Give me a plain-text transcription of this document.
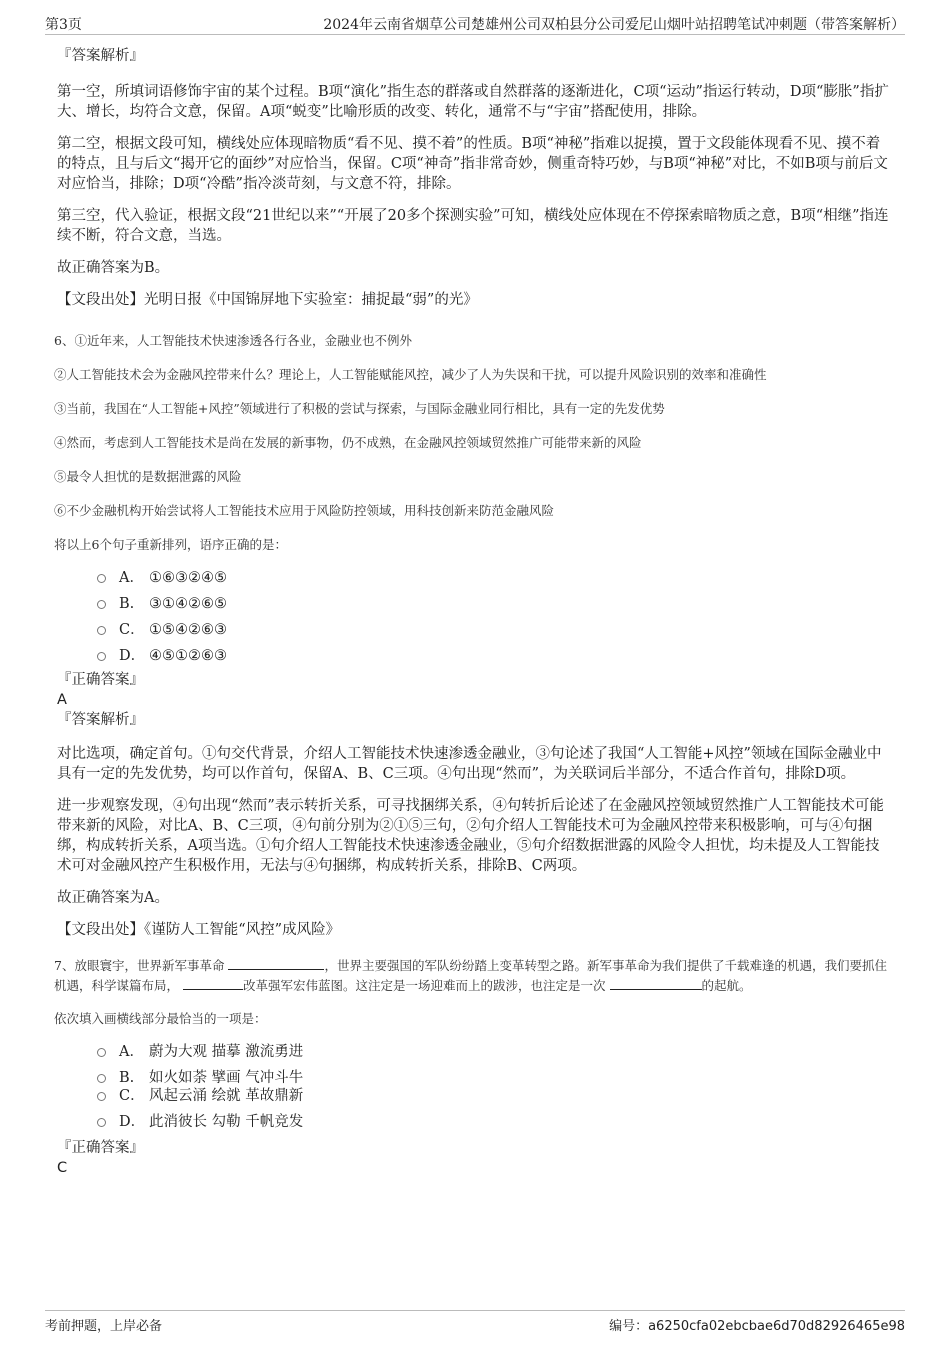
第3页	2024年云南省烟草公司楚雄州公司双柏县分公司爱尼山烟叶站招聘笔试冲刺题（带答案解析）

『答案解析』

第一空，所填词语修饰宇宙的某个过程。B项“演化”指生态的群落或自然群落的逐渐进化，C项“运动”指运行转动，D项“膨胀”指扩大、增长，均符合文意，保留。A项“蜕变”比喻形质的改变、转化，通常不与“宇宙”搭配使用，排除。

第二空，根据文段可知，横线处应体现暗物质“看不见、摸不着”的性质。B项“神秘”指难以捉摸，置于文段能体现看不见、摸不着的特点，且与后文“揭开它的面纱”对应恰当，保留。C项“神奇”指非常奇妙，侧重奇特巧妙，与B项“神秘”对比，不如B项与前后文对应恰当，排除；D项“冷酷”指冷淡苛刻，与文意不符，排除。

第三空，代入验证，根据文段“21世纪以来”“开展了20多个探测实验”可知，横线处应体现在不停探索暗物质之意，B项“相继”指连续不断，符合文意，当选。

故正确答案为B。

【文段出处】光明日报《中国锦屏地下实验室：捕捉最“弱”的光》

6、①近年来，人工智能技术快速渗透各行各业，金融业也不例外

②人工智能技术会为金融风控带来什么？理论上，人工智能赋能风控，减少了人为失误和干扰，可以提升风险识别的效率和准确性

③当前，我国在“人工智能+风控”领域进行了积极的尝试与探索，与国际金融业同行相比，具有一定的先发优势

④然而，考虑到人工智能技术是尚在发展的新事物，仍不成熟，在金融风控领域贸然推广可能带来新的风险

⑤最令人担忧的是数据泄露的风险

⑥不少金融机构开始尝试将人工智能技术应用于风险防控领域，用科技创新来防范金融风险

将以上6个句子重新排列，语序正确的是：

A． ①⑥③②④⑤
B. ③①④②⑥⑤
C． ①⑤④②⑥③
D． ④⑤①②⑥③

『正确答案』

A

『答案解析』

对比选项，确定首句。①句交代背景，介绍人工智能技术快速渗透金融业，③句论述了我国“人工智能+风控”领域在国际金融业中具有一定的先发优势，均可以作首句，保留A、B、C三项。④句出现“然而”，为关联词后半部分，不适合作首句，排除D项。

进一步观察发现，④句出现“然而”表示转折关系，可寻找捆绑关系，④句转折后论述了在金融风控领域贸然推广人工智能技术可能带来新的风险，对比A、B、C三项，④句前分别为②①⑤三句，②句介绍人工智能技术可为金融风控带来积极影响，可与④句捆绑，构成转折关系，A项当选。①句介绍人工智能技术快速渗透金融业，⑤句介绍数据泄露的风险令人担忧，均未提及人工智能技术可对金融风控产生积极作用，无法与④句捆绑，构成转折关系，排除B、C两项。

故正确答案为A。

【文段出处】《谨防人工智能“风控”成风险》

7、放眼寰宇，世界新军事革命	，世界主要强国的军队纷纷踏上变革转型之路。新军事革命为我们提供了千载难逢的机遇，我们要抓住机遇，科学谋篇布局，	改革强军宏伟蓝图。这注定是一场迎难而上的跋涉，也注定是一次	的起航。

依次填入画横线部分最恰当的一项是：

A． 蔚为大观 描摹 激流勇进
B. 如火如荼 擘画 气冲斗牛
C． 风起云涌 绘就 革故鼎新
D． 此消彼长 勾勒 千帆竞发

『正确答案』

C

考前押题，上岸必备	编号：a6250cfa02ebcbae6d70d82926465e98
